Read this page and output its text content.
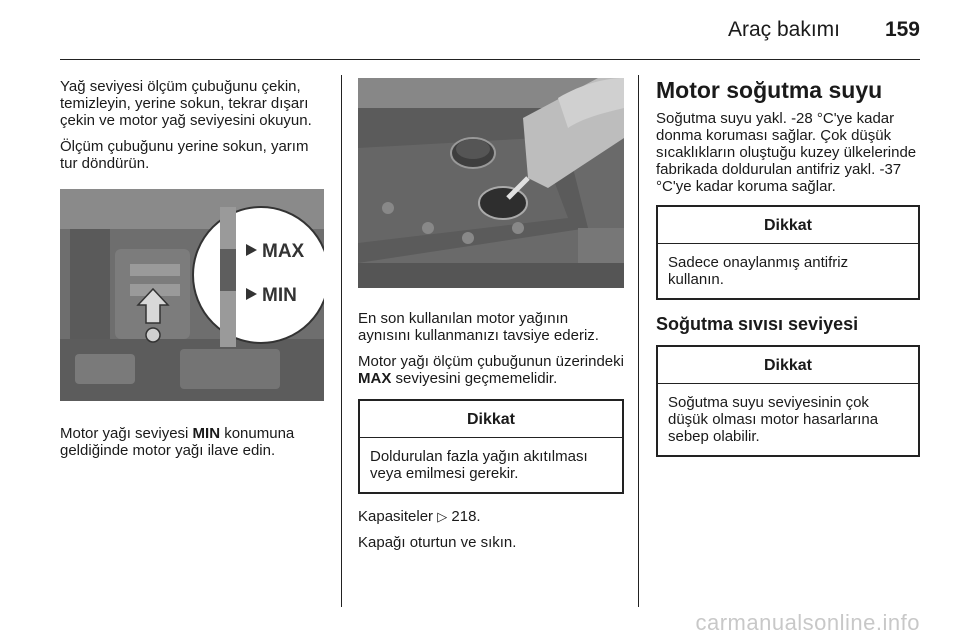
Araç bakımı 159

Yağ seviyesi ölçüm çubuğunu çekin, temizleyin, yerine sokun, tekrar dışarı çekin ve motor yağ seviyesini okuyun.

Ölçüm çubuğunu yerine sokun, yarım tur döndürün.

MAX
MIN

Motor yağı seviyesi MIN konumuna geldiğinde motor yağı ilave edin.

En son kullanılan motor yağının aynısını kullanmanızı tavsiye ederiz.

Motor yağı ölçüm çubuğunun üzerindeki MAX seviyesini geçmemelidir.

Dikkat
Doldurulan fazla yağın akıtılması veya emilmesi gerekir.

Kapasiteler ▷ 218.

Kapağı oturtun ve sıkın.

Motor soğutma suyu

Soğutma suyu yakl. -28 °C'ye kadar donma koruması sağlar. Çok düşük sıcaklıkların oluştuğu kuzey ülkelerinde fabrikada doldurulan antifriz yakl. -37 °C'ye kadar koruma sağlar.

Dikkat
Sadece onaylanmış antifriz kullanın.
Soğutma sıvısı seviyesi
Dikkat
Soğutma suyu seviyesinin çok düşük olması motor hasarlarına sebep olabilir.
carmanualsonline.info
